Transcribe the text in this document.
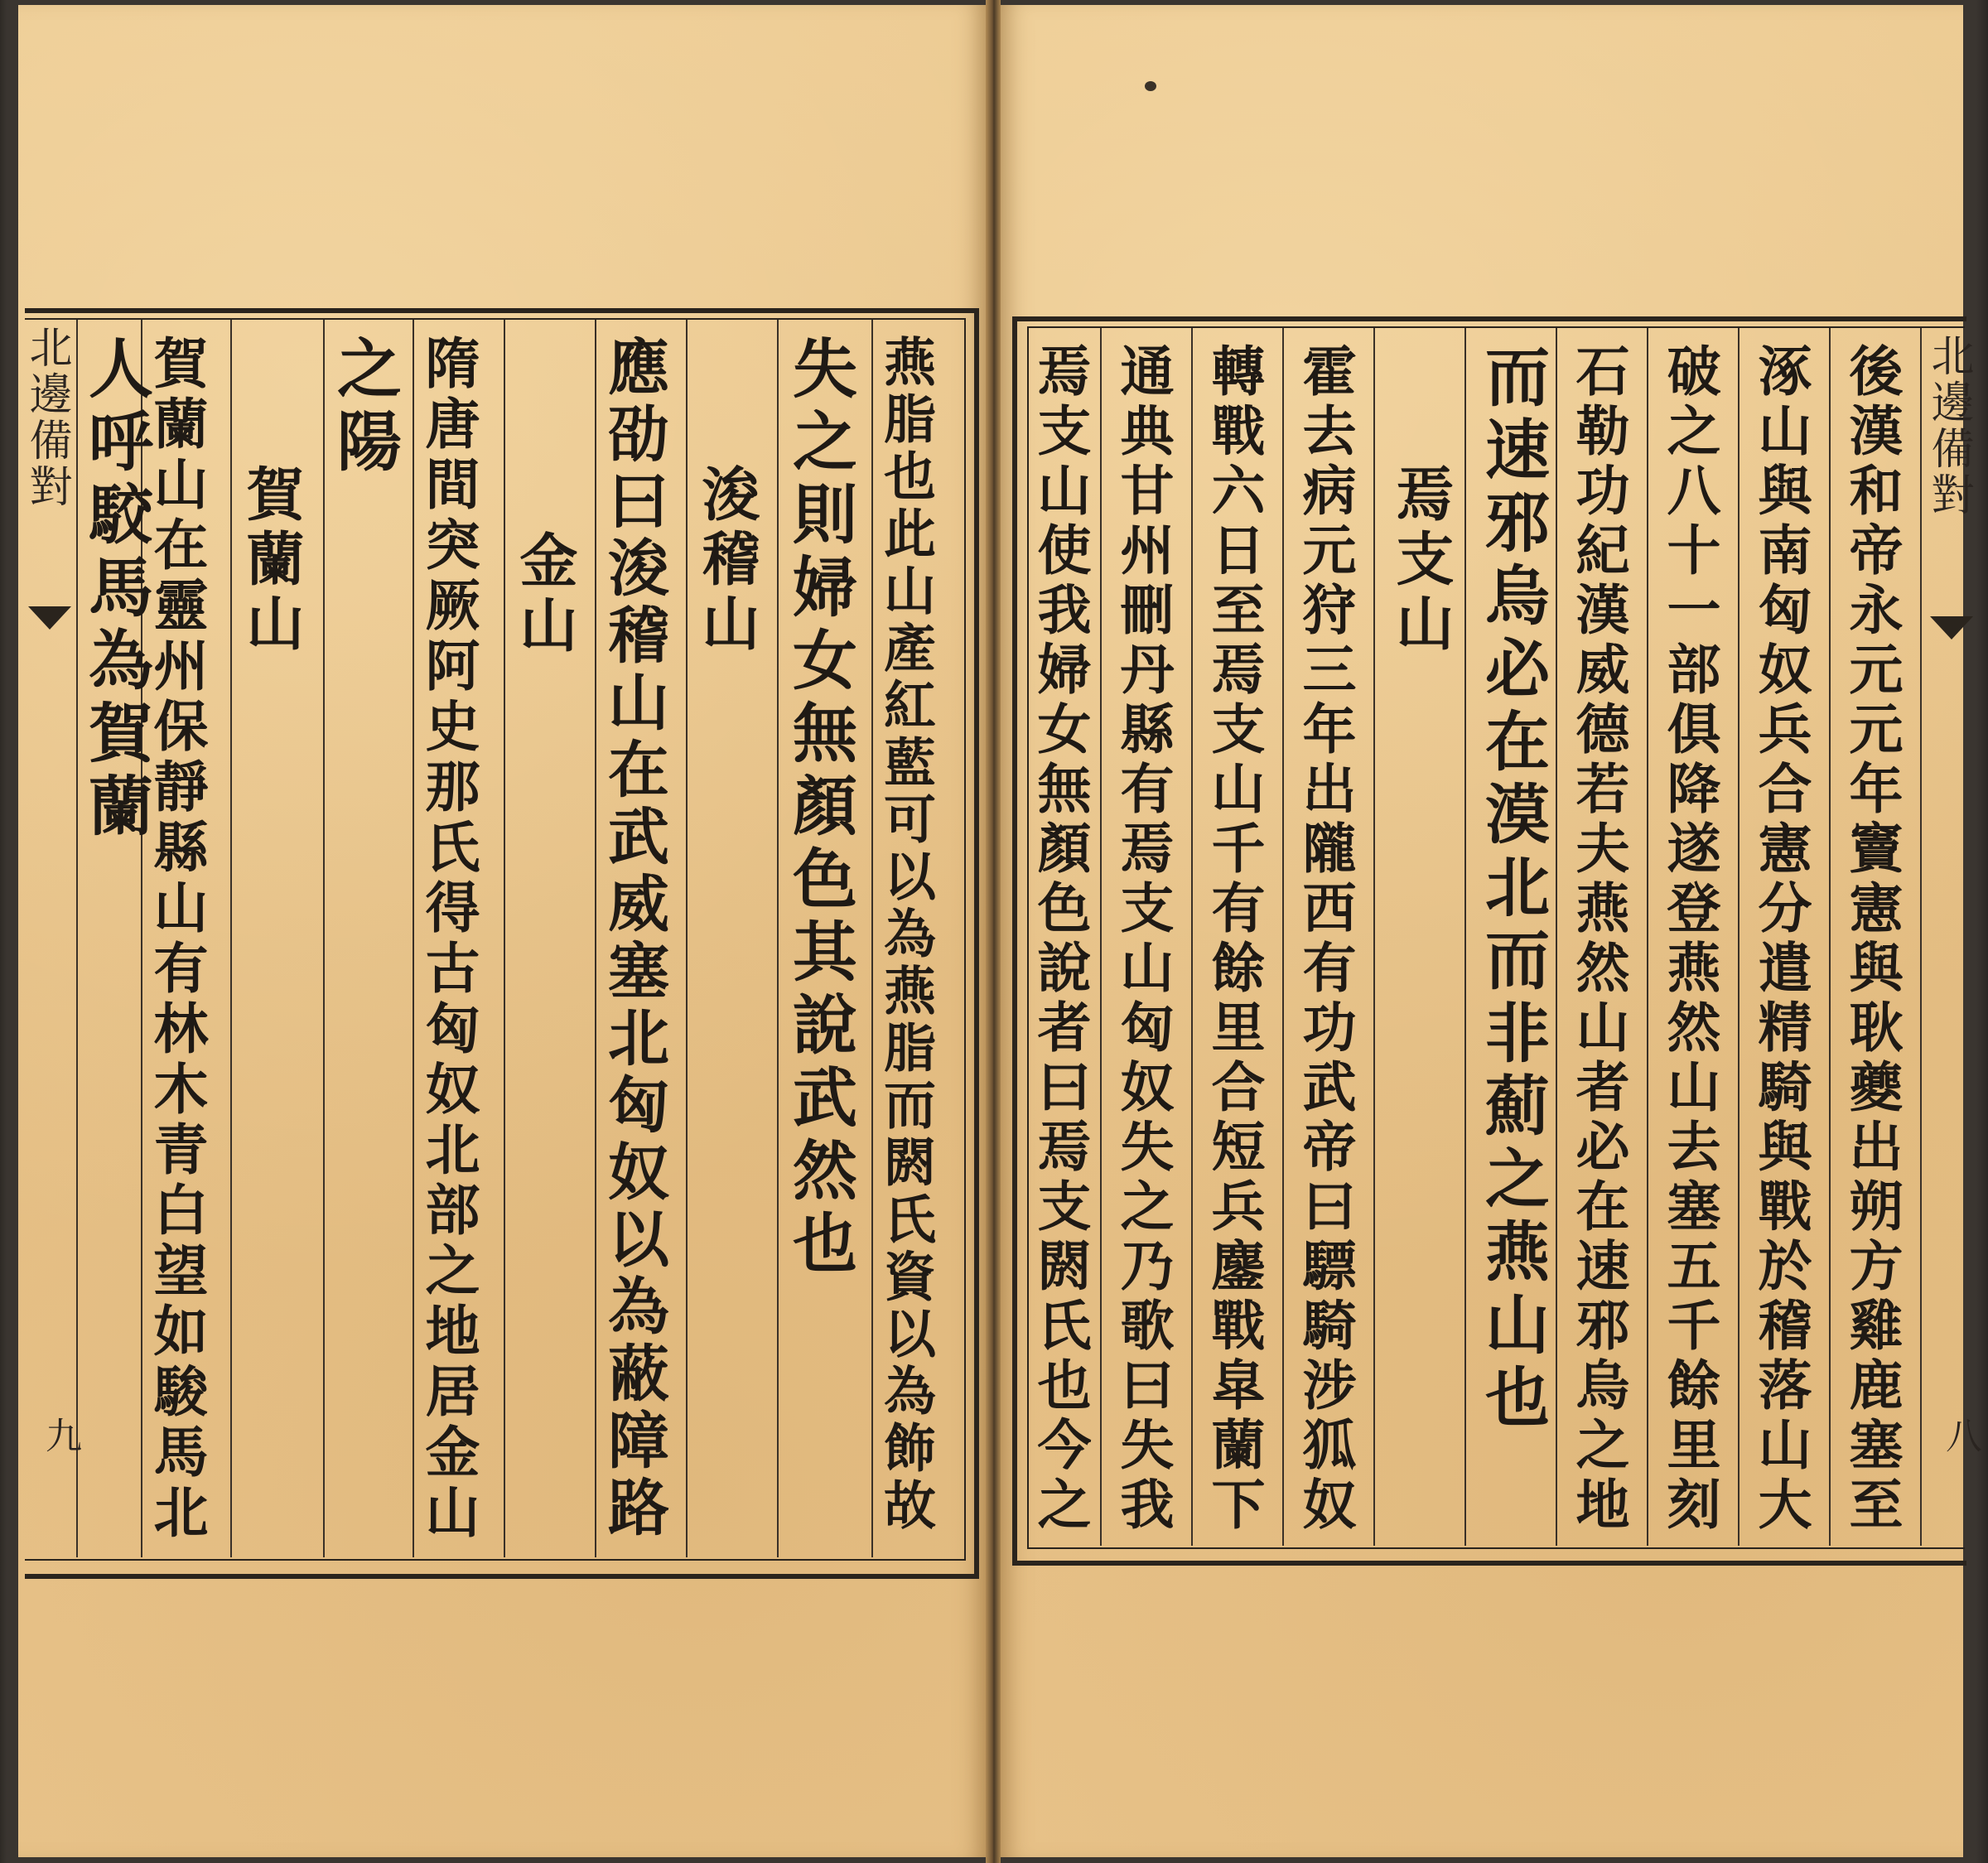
北邊備對	北邊備對
九	八
燕脂也此山產紅藍可以為燕脂而閼氏資以為飾故
失之則婦女無顏色其說武然也
浚稽山
應劭曰浚稽山在武威塞北匈奴以為蔽障路
金山
隋唐間突厥阿史那氏得古匈奴北部之地居金山
之陽
賀蘭山
賀蘭山在靈州保靜縣山有林木青白望如駿馬北
人呼駮馬為賀蘭	後漢和帝永元元年竇憲與耿夔出朔方雞鹿塞至
涿山與南匈奴兵合憲分遣精騎與戰於稽落山大
破之八十一部俱降遂登燕然山去塞五千餘里刻
石勒功紀漢威德若夫燕然山者必在速邪烏之地
而速邪烏必在漠北而非薊之燕山也
焉支山
霍去病元狩三年出隴西有功武帝曰驃騎涉狐奴
轉戰六日至焉支山千有餘里合短兵鏖戰皐蘭下
通典甘州刪丹縣有焉支山匈奴失之乃歌曰失我
焉支山使我婦女無顏色說者曰焉支閼氏也今之
